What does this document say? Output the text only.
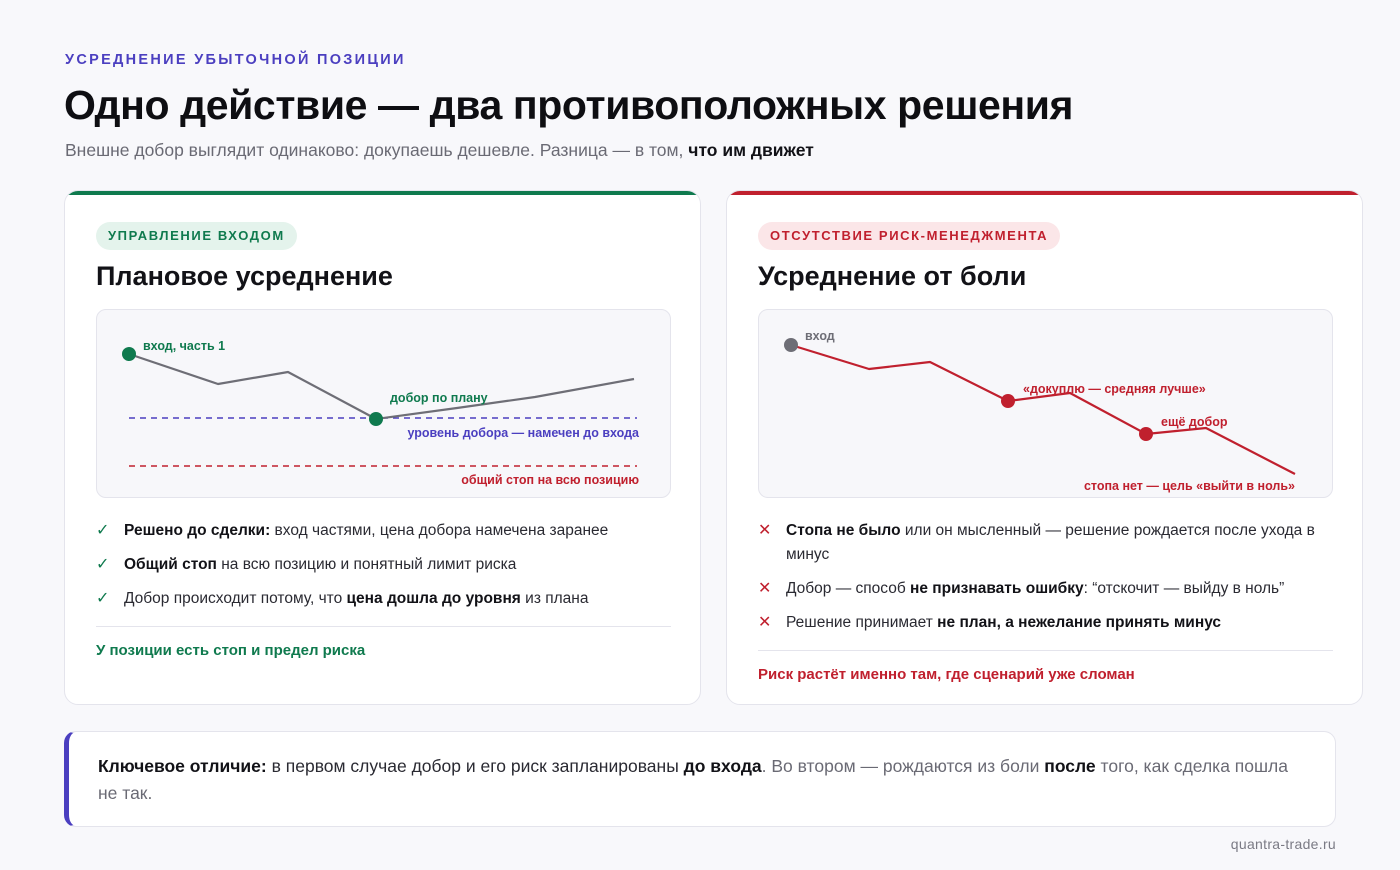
УСРЕДНЕНИЕ УБЫТОЧНОЙ ПОЗИЦИИ
Одно действие — два противоположных решения
Внешне добор выглядит одинаково: докупаешь дешевле. Разница — в том, что им движет
УПРАВЛЕНИЕ ВХОДОМ
Плановое усреднение
вход, часть 1
добор по плану
уровень добора — намечен до входа
общий стоп на всю позицию
✓ Решено до сделки: вход частями, цена добора намечена заранее
✓ Общий стоп на всю позицию и понятный лимит риска
✓ Добор происходит потому, что цена дошла до уровня из плана
У позиции есть стоп и предел риска
ОТСУТСТВИЕ РИСК-МЕНЕДЖМЕНТА
Усреднение от боли
вход
«докуплю — средняя лучше»
ещё добор
стопа нет — цель «выйти в ноль»
✕ Стопа не было или он мысленный — решение рождается после ухода в минус
✕ Добор — способ не признавать ошибку: “отскочит — выйду в ноль”
✕ Решение принимает не план, а нежелание принять минус
Риск растёт именно там, где сценарий уже сломан
Ключевое отличие: в первом случае добор и его риск запланированы до входа. Во втором — рождаются из боли после того, как сделка пошла не так.
quantra-trade.ru
